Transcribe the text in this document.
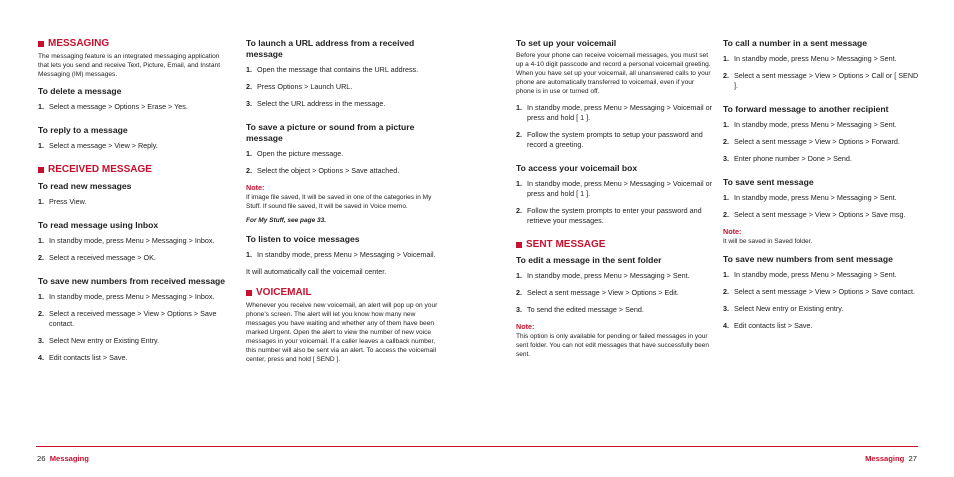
MESSAGING
The messaging feature is an integrated messaging application that lets you send and receive Text, Picture, Email, and Instant Messaging (IM) messages.
To delete a message
1. Select a message > Options > Erase > Yes.
To reply to a message
1. Select a message > View > Reply.
RECEIVED MESSAGE
To read new messages
1. Press View.
To read message using Inbox
1. In standby mode, press Menu > Messaging > Inbox.
2. Select a received message > OK.
To save new numbers from received message
1. In standby mode, press Menu > Messaging > Inbox.
2. Select a received message > View > Options > Save contact.
3. Select New entry or Existing Entry.
4. Edit contacts list > Save.
To launch a URL address from a received message
1. Open the message that contains the URL address.
2. Press Options > Launch URL.
3. Select the URL address in the message.
To save a picture or sound from a picture message
1. Open the picture message.
2. Select the object > Options > Save attached.
Note:
If image file saved, It will be saved in one of the categories in My Stuff. If sound file saved, It will be saved in Voice memo.
For My Stuff, see page 33.
To listen to voice messages
1. In standby mode, press Menu > Messaging > Voicemail.
It will automatically call the voicemail center.
VOICEMAIL
Whenever you receive new voicemail, an alert will pop up on your phone's screen. The alert will let you know how many new messages you have waiting and whether any of them have been marked Urgent. Open the alert to view the number of new voice messages in your voicemail. If a caller leaves a callback number, this number will also be sent via an alert. To access the voicemail center, press and hold [ SEND ].
To set up your voicemail
Before your phone can receive voicemail messages, you must set up a 4-10 digit passcode and record a personal voicemail greeting. When you have set up your voicemail, all unanswered calls to your phone are automatically transferred to voicemail, even if your phone is in use or turned off.
1. In standby mode, press Menu > Messaging > Voicemail or press and hold [ 1 ].
2. Follow the system prompts to setup your password and record a greeting.
To access your voicemail box
1. In standby mode, press Menu > Messaging > Voicemail or press and hold [ 1 ].
2. Follow the system prompts to enter your password and retrieve your messages.
SENT MESSAGE
To edit a message in the sent folder
1. In standby mode, press Menu > Messaging > Sent.
2. Select a sent message > View > Options > Edit.
3. To send the edited message > Send.
Note:
This option is only available for pending or failed messages in your sent folder. You can not edit messages that have successfully been sent.
To call a number in a sent message
1. In standby mode, press Menu > Messaging > Sent.
2. Select a sent message > View > Options > Call or [ SEND ].
To forward message to another recipient
1. In standby mode, press Menu > Messaging > Sent.
2. Select a sent message > View > Options > Forward.
3. Enter phone number > Done > Send.
To save sent message
1. In standby mode, press Menu > Messaging > Sent.
2. Select a sent message > View > Options > Save msg.
Note:
It will be saved in Saved folder.
To save new numbers from sent message
1. In standby mode, press Menu > Messaging > Sent.
2. Select a sent message > View > Options > Save contact.
3. Select New entry or Existing entry.
4. Edit contacts list > Save.
26 Messaging	Messaging 27
